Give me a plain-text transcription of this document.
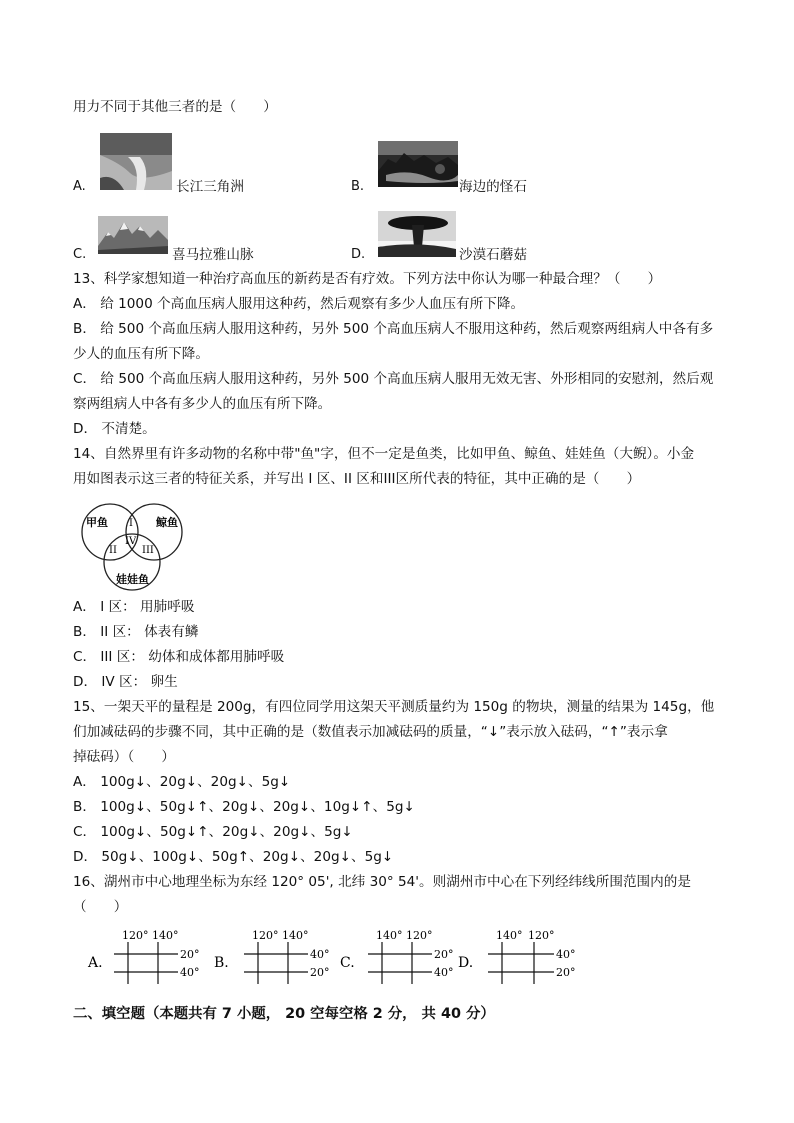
用力不同于其他三者的是（　　）
A.	长江三角洲	B.	海边的怪石
C.	喜马拉雅山脉	D.	沙漠石蘑菇
13、科学家想知道一种治疗高血压的新药是否有疗效。下列方法中你认为哪一种最合理？（　　）
A． 给 1000 个高血压病人服用这种药，然后观察有多少人血压有所下降。
B． 给 500 个高血压病人服用这种药，另外 500 个高血压病人不服用这种药，然后观察两组病人中各有多
少人的血压有所下降。
C． 给 500 个高血压病人服用这种药，另外 500 个高血压病人服用无效无害、外形相同的安慰剂，然后观
察两组病人中各有多少人的血压有所下降。
D． 不清楚。
14、自然界里有许多动物的名称中带"鱼"字，但不一定是鱼类，比如甲鱼、鲸鱼、娃娃鱼（大鲵）。小金
用如图表示这三者的特征关系，并写出 I 区、II 区和III区所代表的特征，其中正确的是（　　）
甲鱼	鲸鱼
娃娃鱼
I
II	III
IV
A． I 区： 用肺呼吸
B． II 区： 体表有鳞
C． III 区： 幼体和成体都用肺呼吸
D． IV 区： 卵生
15、一架天平的量程是 200g，有四位同学用这架天平测质量约为 150g 的物块，测量的结果为 145g，他
们加减砝码的步骤不同，其中正确的是（数值表示加减砝码的质量，“↓”表示放入砝码，“↑”表示拿
掉砝码）（　　）
A． 100g↓、20g↓、20g↓、5g↓
B． 100g↓、50g↓↑、20g↓、20g↓、10g↓↑、5g↓
C． 100g↓、50g↓↑、20g↓、20g↓、5g↓
D． 50g↓、100g↓、50g↑、20g↓、20g↓、5g↓
16、湖州市中心地理坐标为东经 120° 05', 北纬 30° 54'。则湖州市中心在下列经纬线所围范围内的是
（　　）
A.
120° 140°
20°
40°
B.
120° 140°
40°
20°
C.
140° 120°
20°
40°
D.
140° 120°
40°
20°
二、填空题（本题共有 7 小题， 20 空每空格 2 分， 共 40 分）
